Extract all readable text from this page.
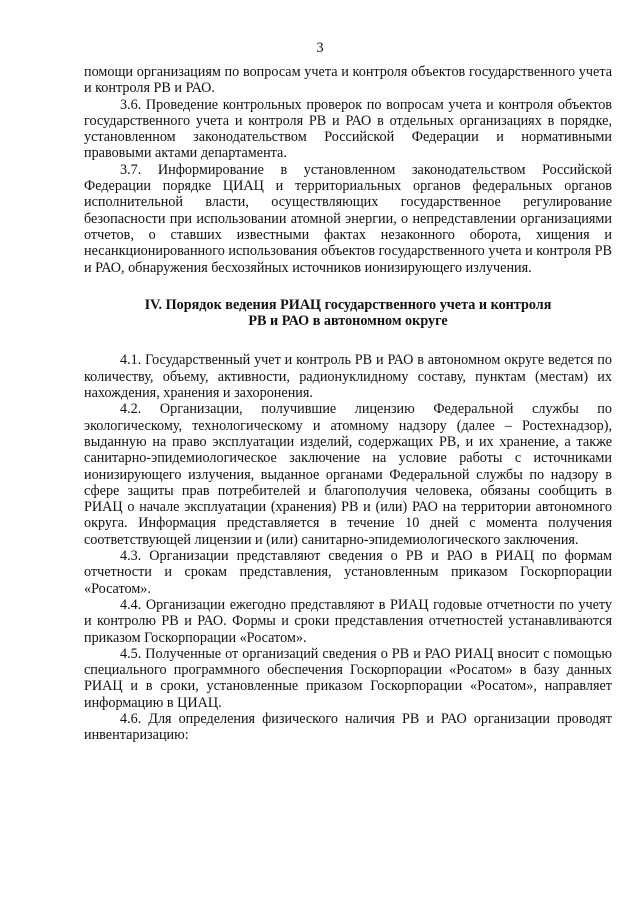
3

помощи организациям по вопросам учета и контроля объектов государственного учета и контроля РВ и РАО.

3.6. Проведение контрольных проверок по вопросам учета и контроля объектов государственного учета и контроля РВ и РАО в отдельных организациях в порядке, установленном законодательством Российской Федерации и нормативными правовыми актами департамента.

3.7. Информирование в установленном законодательством Российской Федерации порядке ЦИАЦ и территориальных органов федеральных органов исполнительной власти, осуществляющих государственное регулирование безопасности при использовании атомной энергии, о непредставлении организациями отчетов, о ставших известными фактах незаконного оборота, хищения и несанкционированного использования объектов государственного учета и контроля РВ и РАО, обнаружения бесхозяйных источников ионизирующего излучения.

IV. Порядок ведения РИАЦ государственного учета и контроля
РВ и РАО в автономном округе

4.1. Государственный учет и контроль РВ и РАО в автономном округе ведется по количеству, объему, активности, радионуклидному составу, пунктам (местам) их нахождения, хранения и захоронения.

4.2. Организации, получившие лицензию Федеральной службы по экологическому, технологическому и атомному надзору (далее – Ростехнадзор), выданную на право эксплуатации изделий, содержащих РВ, и их хранение, а также санитарно-эпидемиологическое заключение на условие работы с источниками ионизирующего излучения, выданное органами Федеральной службы по надзору в сфере защиты прав потребителей и благополучия человека, обязаны сообщить в РИАЦ о начале эксплуатации (хранения) РВ и (или) РАО на территории автономного округа. Информация представляется в течение 10 дней с момента получения соответствующей лицензии и (или) санитарно-эпидемиологического заключения.

4.3. Организации представляют сведения о РВ и РАО в РИАЦ по формам отчетности и срокам представления, установленным приказом Госкорпорации «Росатом».

4.4. Организации ежегодно представляют в РИАЦ годовые отчетности по учету и контролю РВ и РАО. Формы и сроки представления отчетностей устанавливаются приказом Госкорпорации «Росатом».

4.5. Полученные от организаций сведения о РВ и РАО РИАЦ вносит с помощью специального программного обеспечения Госкорпорации «Росатом» в базу данных РИАЦ и в сроки, установленные приказом Госкорпорации «Росатом», направляет информацию в ЦИАЦ.

4.6. Для определения физического наличия РВ и РАО организации проводят инвентаризацию:
